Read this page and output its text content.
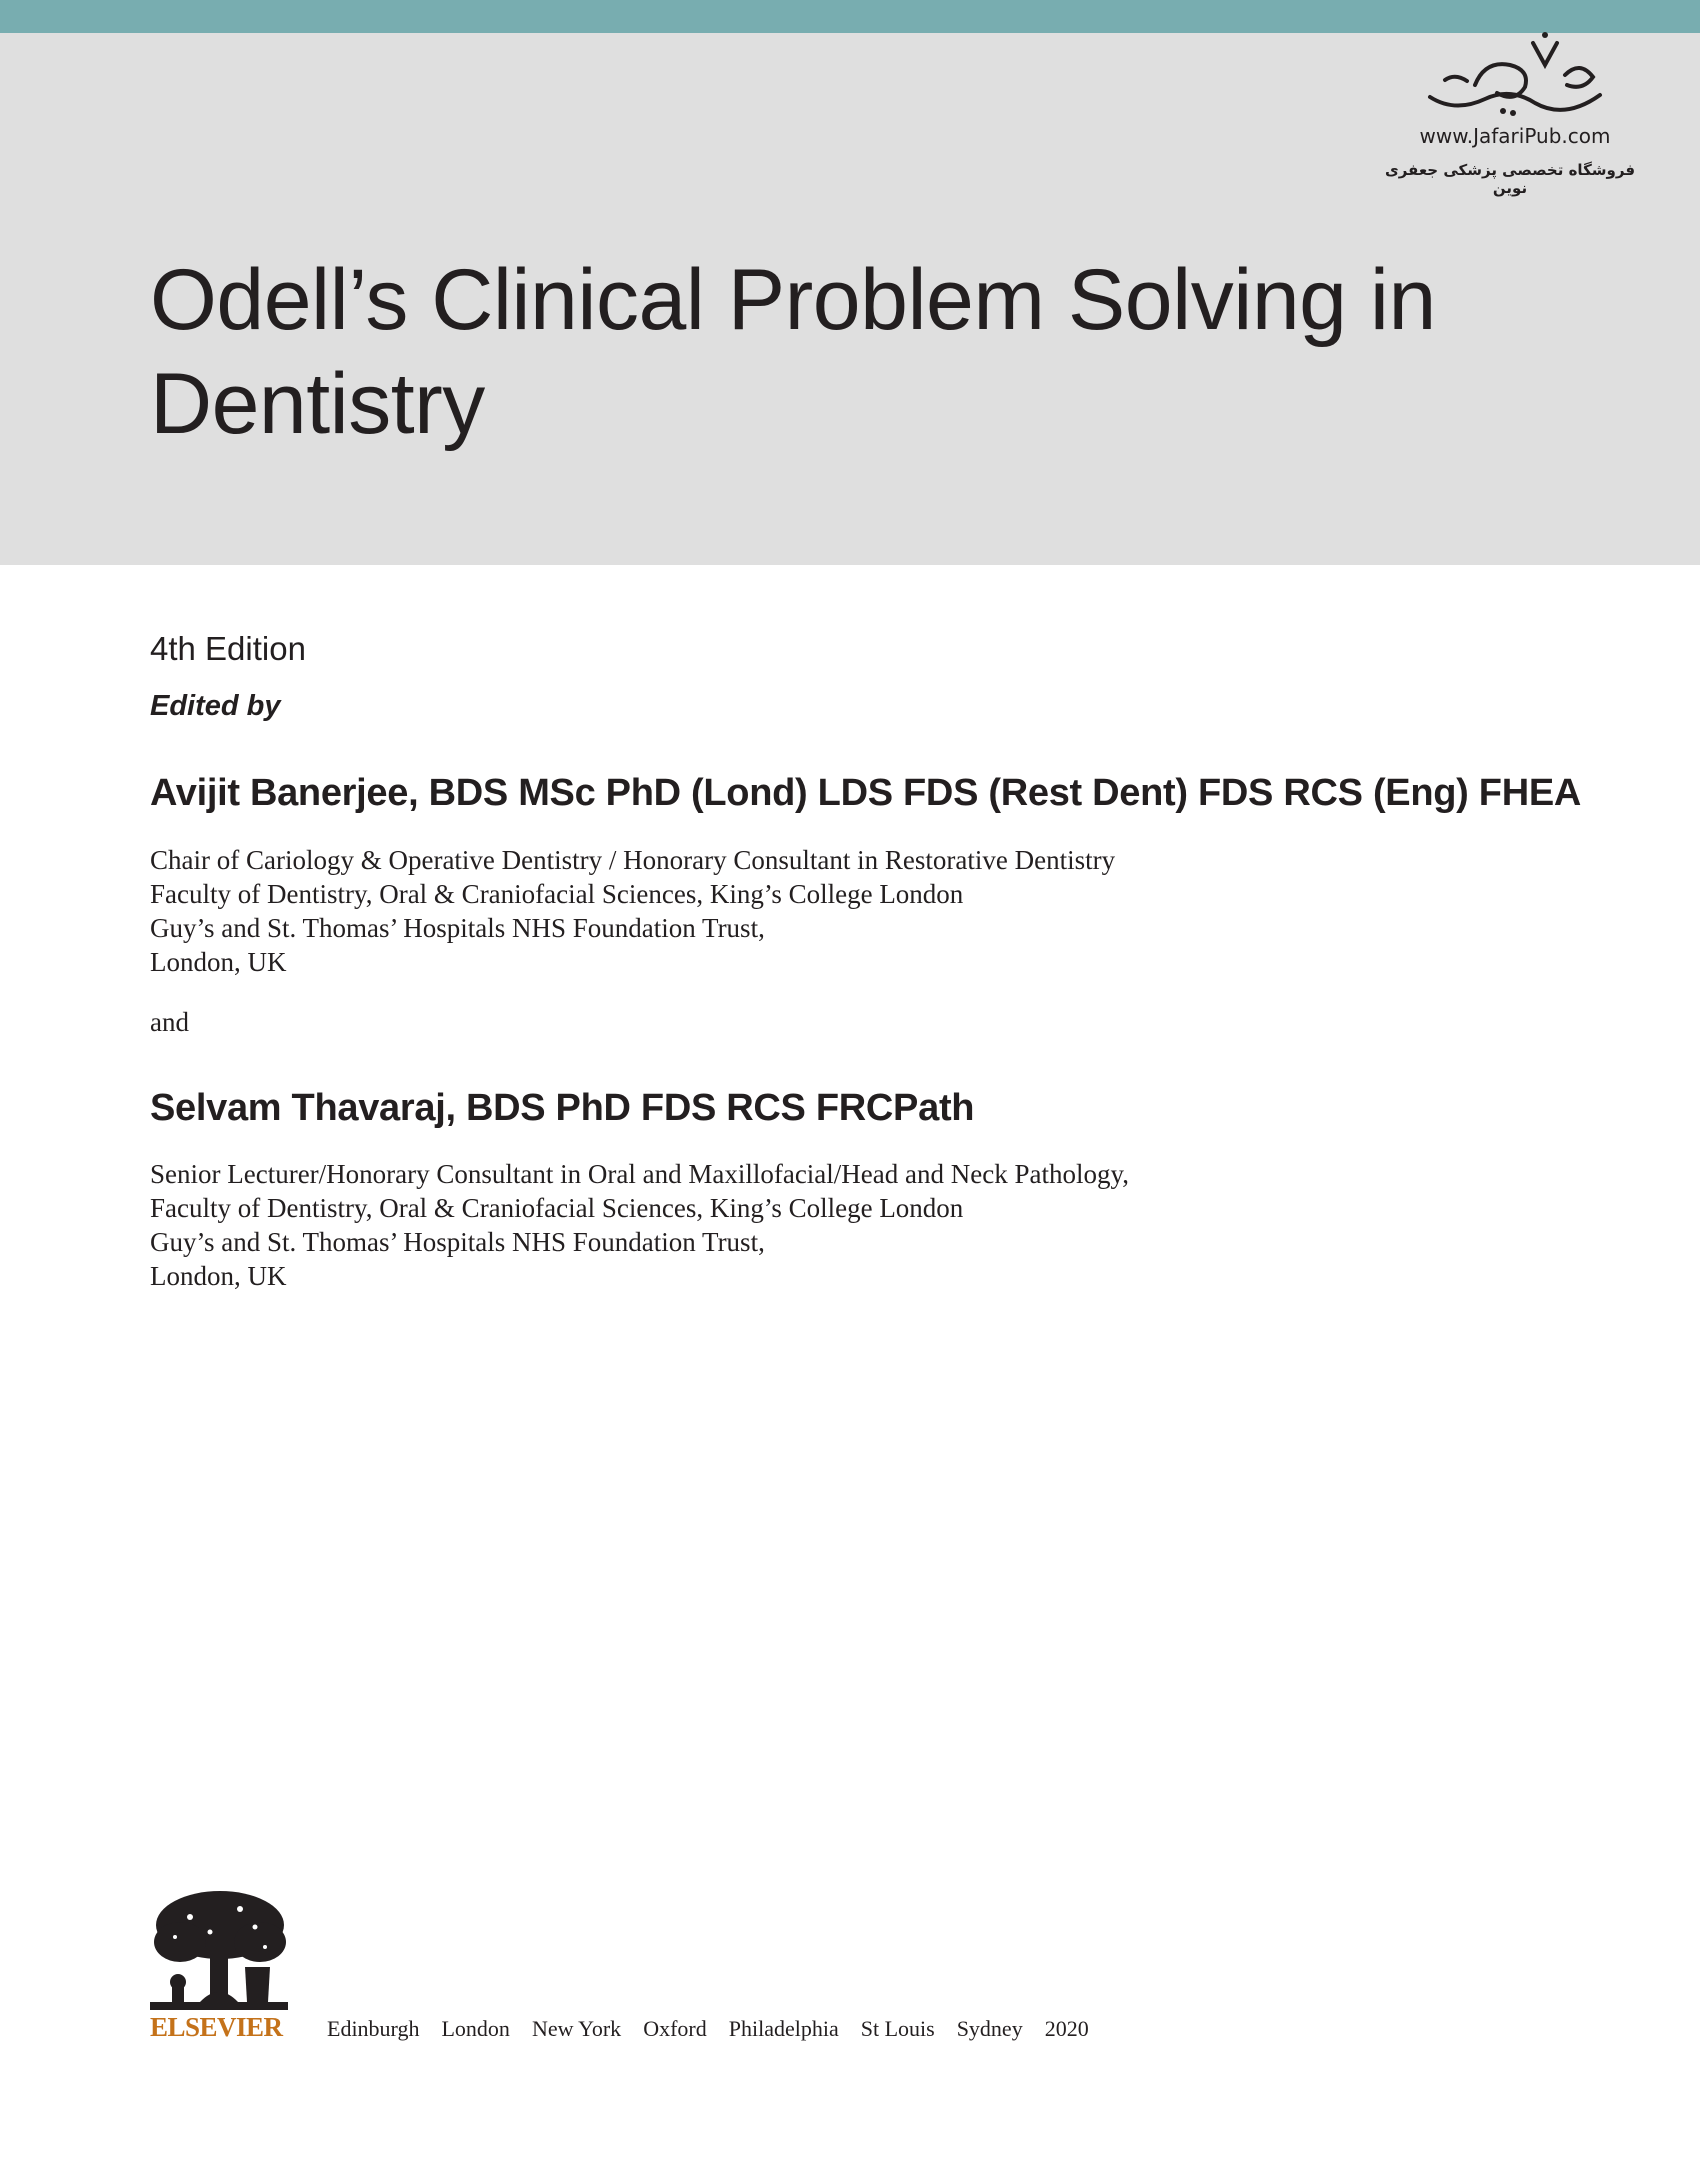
www.JafariPub.com
فروشگاه تخصصی پزشکی جعفری نوین
Odell’s Clinical Problem Solving in Dentistry
4th Edition
Edited by
Avijit Banerjee, BDS MSc PhD (Lond) LDS FDS (Rest Dent) FDS RCS (Eng) FHEA
Chair of Cariology & Operative Dentistry / Honorary Consultant in Restorative Dentistry
Faculty of Dentistry, Oral & Craniofacial Sciences, King’s College London
Guy’s and St. Thomas’ Hospitals NHS Foundation Trust,
London, UK
and
Selvam Thavaraj, BDS PhD FDS RCS FRCPath
Senior Lecturer/Honorary Consultant in Oral and Maxillofacial/Head and Neck Pathology,
Faculty of Dentistry, Oral & Craniofacial Sciences, King’s College London
Guy’s and St. Thomas’ Hospitals NHS Foundation Trust,
London, UK
ELSEVIER Edinburgh London New York Oxford Philadelphia St Louis Sydney 2020
